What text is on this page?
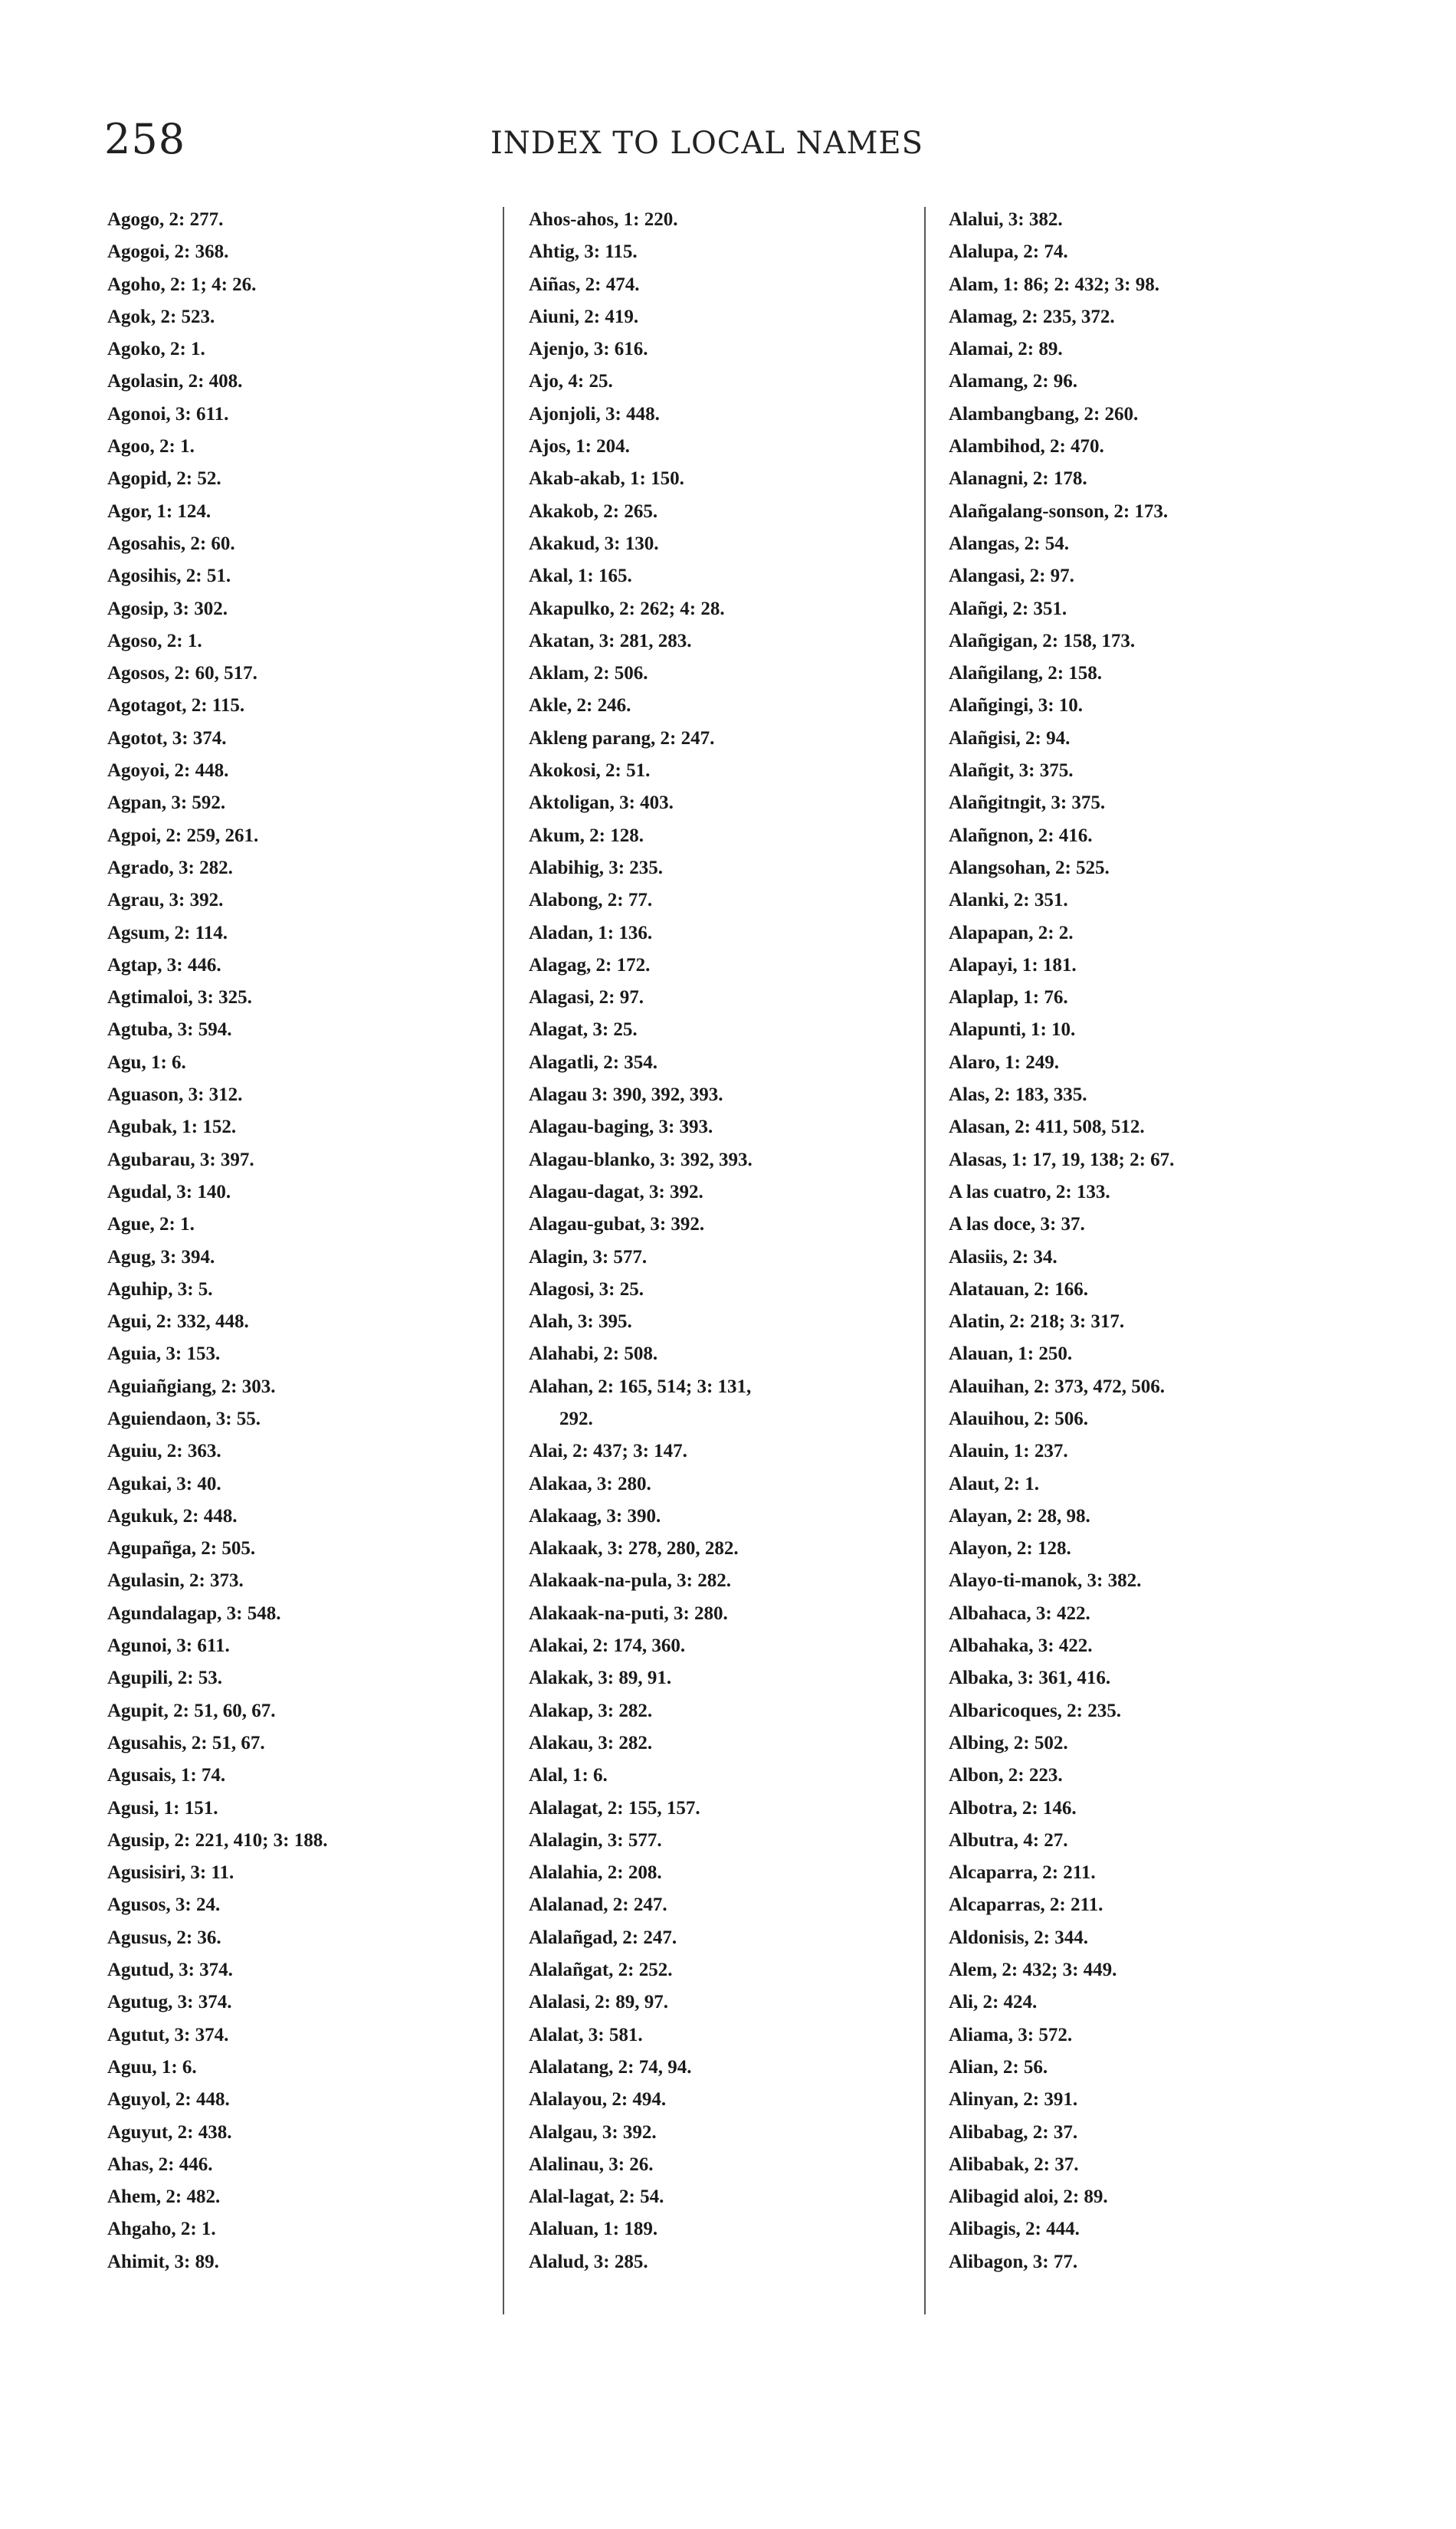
258	INDEX TO LOCAL NAMES
Agogo, 2: 277.
Agogoi, 2: 368.
Agoho, 2: 1; 4: 26.
Agok, 2: 523.
Agoko, 2: 1.
Agolasin, 2: 408.
Agonoi, 3: 611.
Agoo, 2: 1.
Agopid, 2: 52.
Agor, 1: 124.
Agosahis, 2: 60.
Agosihis, 2: 51.
Agosip, 3: 302.
Agoso, 2: 1.
Agosos, 2: 60, 517.
Agotagot, 2: 115.
Agotot, 3: 374.
Agoyoi, 2: 448.
Agpan, 3: 592.
Agpoi, 2: 259, 261.
Agrado, 3: 282.
Agrau, 3: 392.
Agsum, 2: 114.
Agtap, 3: 446.
Agtimaloi, 3: 325.
Agtuba, 3: 594.
Agu, 1: 6.
Aguason, 3: 312.
Agubak, 1: 152.
Agubarau, 3: 397.
Agudal, 3: 140.
Ague, 2: 1.
Agug, 3: 394.
Aguhip, 3: 5.
Agui, 2: 332, 448.
Aguia, 3: 153.
Aguiañgiang, 2: 303.
Aguiendaon, 3: 55.
Aguiu, 2: 363.
Agukai, 3: 40.
Agukuk, 2: 448.
Agupañga, 2: 505.
Agulasin, 2: 373.
Agundalagap, 3: 548.
Agunoi, 3: 611.
Agupili, 2: 53.
Agupit, 2: 51, 60, 67.
Agusahis, 2: 51, 67.
Agusais, 1: 74.
Agusi, 1: 151.
Agusip, 2: 221, 410; 3: 188.
Agusisiri, 3: 11.
Agusos, 3: 24.
Agusus, 2: 36.
Agutud, 3: 374.
Agutug, 3: 374.
Agutut, 3: 374.
Aguu, 1: 6.
Aguyol, 2: 448.
Aguyut, 2: 438.
Ahas, 2: 446.
Ahem, 2: 482.
Ahgaho, 2: 1.
Ahimit, 3: 89.
Ahos-ahos, 1: 220.
Ahtig, 3: 115.
Aiñas, 2: 474.
Aiuni, 2: 419.
Ajenjo, 3: 616.
Ajo, 4: 25.
Ajonjoli, 3: 448.
Ajos, 1: 204.
Akab-akab, 1: 150.
Akakob, 2: 265.
Akakud, 3: 130.
Akal, 1: 165.
Akapulko, 2: 262; 4: 28.
Akatan, 3: 281, 283.
Aklam, 2: 506.
Akle, 2: 246.
Akleng parang, 2: 247.
Akokosi, 2: 51.
Aktoligan, 3: 403.
Akum, 2: 128.
Alabihig, 3: 235.
Alabong, 2: 77.
Aladan, 1: 136.
Alagag, 2: 172.
Alagasi, 2: 97.
Alagat, 3: 25.
Alagatli, 2: 354.
Alagau 3: 390, 392, 393.
Alagau-baging, 3: 393.
Alagau-blanko, 3: 392, 393.
Alagau-dagat, 3: 392.
Alagau-gubat, 3: 392.
Alagin, 3: 577.
Alagosi, 3: 25.
Alah, 3: 395.
Alahabi, 2: 508.
Alahan, 2: 165, 514; 3: 131,
292.
Alai, 2: 437; 3: 147.
Alakaa, 3: 280.
Alakaag, 3: 390.
Alakaak, 3: 278, 280, 282.
Alakaak-na-pula, 3: 282.
Alakaak-na-puti, 3: 280.
Alakai, 2: 174, 360.
Alakak, 3: 89, 91.
Alakap, 3: 282.
Alakau, 3: 282.
Alal, 1: 6.
Alalagat, 2: 155, 157.
Alalagin, 3: 577.
Alalahia, 2: 208.
Alalanad, 2: 247.
Alalañgad, 2: 247.
Alalañgat, 2: 252.
Alalasi, 2: 89, 97.
Alalat, 3: 581.
Alalatang, 2: 74, 94.
Alalayou, 2: 494.
Alalgau, 3: 392.
Alalinau, 3: 26.
Alal-lagat, 2: 54.
Alaluan, 1: 189.
Alalud, 3: 285.
Alalui, 3: 382.
Alalupa, 2: 74.
Alam, 1: 86; 2: 432; 3: 98.
Alamag, 2: 235, 372.
Alamai, 2: 89.
Alamang, 2: 96.
Alambangbang, 2: 260.
Alambihod, 2: 470.
Alanagni, 2: 178.
Alañgalang-sonson, 2: 173.
Alangas, 2: 54.
Alangasi, 2: 97.
Alañgi, 2: 351.
Alañgigan, 2: 158, 173.
Alañgilang, 2: 158.
Alañgingi, 3: 10.
Alañgisi, 2: 94.
Alañgit, 3: 375.
Alañgitngit, 3: 375.
Alañgnon, 2: 416.
Alangsohan, 2: 525.
Alanki, 2: 351.
Alapapan, 2: 2.
Alapayi, 1: 181.
Alaplap, 1: 76.
Alapunti, 1: 10.
Alaro, 1: 249.
Alas, 2: 183, 335.
Alasan, 2: 411, 508, 512.
Alasas, 1: 17, 19, 138; 2: 67.
A las cuatro, 2: 133.
A las doce, 3: 37.
Alasiis, 2: 34.
Alatauan, 2: 166.
Alatin, 2: 218; 3: 317.
Alauan, 1: 250.
Alauihan, 2: 373, 472, 506.
Alauihou, 2: 506.
Alauin, 1: 237.
Alaut, 2: 1.
Alayan, 2: 28, 98.
Alayon, 2: 128.
Alayo-ti-manok, 3: 382.
Albahaca, 3: 422.
Albahaka, 3: 422.
Albaka, 3: 361, 416.
Albaricoques, 2: 235.
Albing, 2: 502.
Albon, 2: 223.
Albotra, 2: 146.
Albutra, 4: 27.
Alcaparra, 2: 211.
Alcaparras, 2: 211.
Aldonisis, 2: 344.
Alem, 2: 432; 3: 449.
Ali, 2: 424.
Aliama, 3: 572.
Alian, 2: 56.
Alinyan, 2: 391.
Alibabag, 2: 37.
Alibabak, 2: 37.
Alibagid aloi, 2: 89.
Alibagis, 2: 444.
Alibagon, 3: 77.
